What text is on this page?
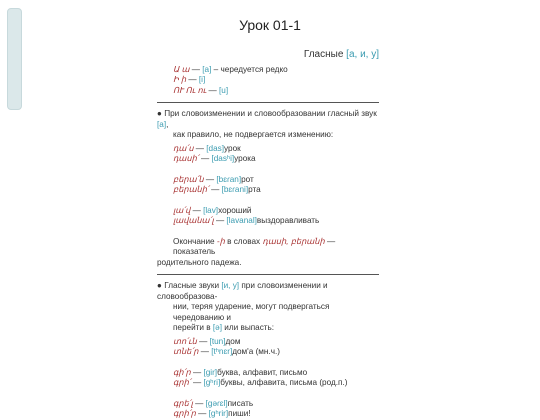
Урок 01-1
Гласные [а, и, у]
Ա ա — [a] – чередуется редко
Ի ի — [i]
ՈՒ Ու ու — [u]
● При словоизменении и словообразовании гласный звук [a],
как правило, не подвергается изменению:
դա՛ս — [das]урок
դասի՛ — [dasʰi]урока
բերա՛ն — [bɛɾan]рот
բերանի՛ — [bɛɾani]рта
լա՛վ — [lav]хороший
լավանա՛լ — [lavanal]выздоравливать
Окончание -ի в словах դասի, բերանի — показатель
родительного падежа.
● Гласные звуки [и, у] при словоизменении и словообразова-
нии, теряя ударение, могут подвергаться чередованию и
перейти в [ə] или выпасть:
տո՛ւն — [tun]дом
տնե՛ր — [tʰnɛr]дом'а (мн.ч.)
գի՛ր — [gir]буква, алфавит, письмо
գրի՛ — [gʰri]буквы, алфавита, письма (род.п.)
գրե՛լ — [gəɾɛl]писать
գրի՛ր — [gʰrir]пиши!
